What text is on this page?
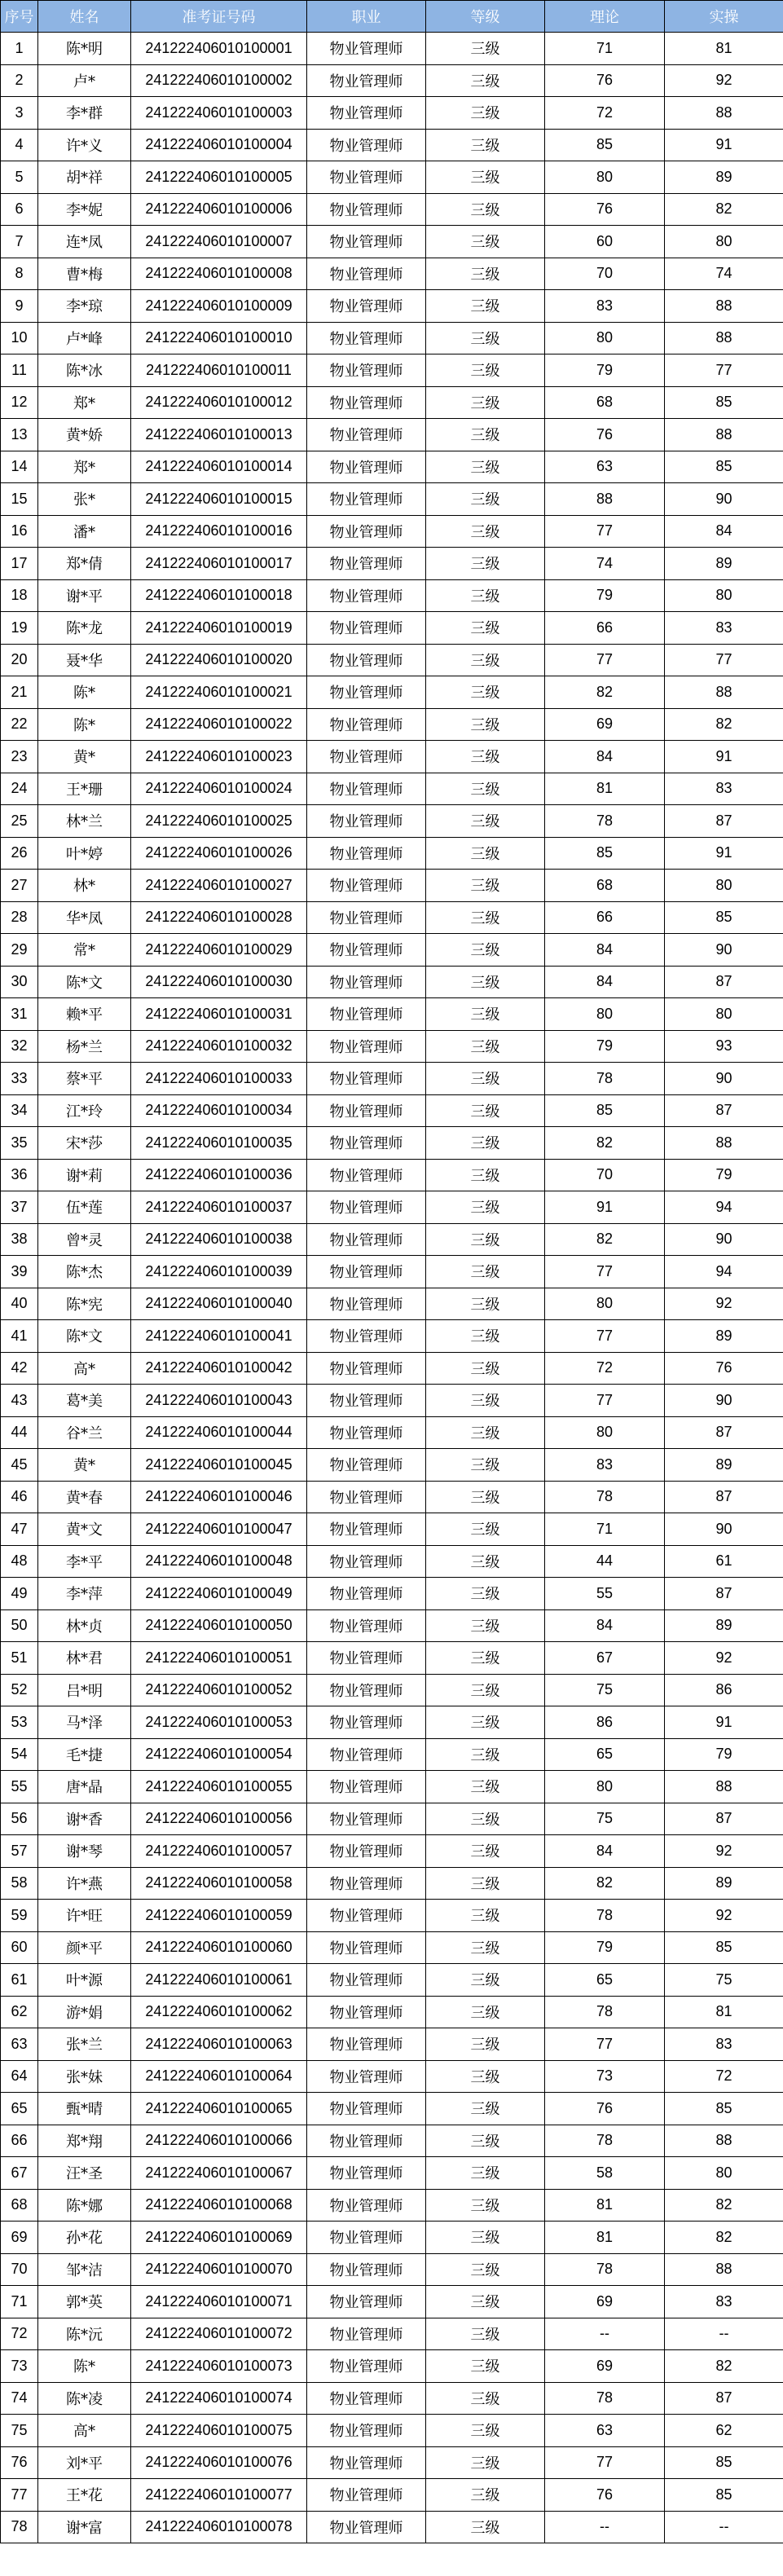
序号	姓名	准考证号码	职业	等级	理论	实操
1	陈*明	241222406010100001	物业管理师	三级	71	81
2	卢*	241222406010100002	物业管理师	三级	76	92
3	李*群	241222406010100003	物业管理师	三级	72	88
4	许*义	241222406010100004	物业管理师	三级	85	91
5	胡*祥	241222406010100005	物业管理师	三级	80	89
6	李*妮	241222406010100006	物业管理师	三级	76	82
7	连*凤	241222406010100007	物业管理师	三级	60	80
8	曹*梅	241222406010100008	物业管理师	三级	70	74
9	李*琼	241222406010100009	物业管理师	三级	83	88
10	卢*峰	241222406010100010	物业管理师	三级	80	88
11	陈*冰	241222406010100011	物业管理师	三级	79	77
12	郑*	241222406010100012	物业管理师	三级	68	85
13	黄*娇	241222406010100013	物业管理师	三级	76	88
14	郑*	241222406010100014	物业管理师	三级	63	85
15	张*	241222406010100015	物业管理师	三级	88	90
16	潘*	241222406010100016	物业管理师	三级	77	84
17	郑*倩	241222406010100017	物业管理师	三级	74	89
18	谢*平	241222406010100018	物业管理师	三级	79	80
19	陈*龙	241222406010100019	物业管理师	三级	66	83
20	聂*华	241222406010100020	物业管理师	三级	77	77
21	陈*	241222406010100021	物业管理师	三级	82	88
22	陈*	241222406010100022	物业管理师	三级	69	82
23	黄*	241222406010100023	物业管理师	三级	84	91
24	王*珊	241222406010100024	物业管理师	三级	81	83
25	林*兰	241222406010100025	物业管理师	三级	78	87
26	叶*婷	241222406010100026	物业管理师	三级	85	91
27	林*	241222406010100027	物业管理师	三级	68	80
28	华*凤	241222406010100028	物业管理师	三级	66	85
29	常*	241222406010100029	物业管理师	三级	84	90
30	陈*文	241222406010100030	物业管理师	三级	84	87
31	赖*平	241222406010100031	物业管理师	三级	80	80
32	杨*兰	241222406010100032	物业管理师	三级	79	93
33	蔡*平	241222406010100033	物业管理师	三级	78	90
34	江*玲	241222406010100034	物业管理师	三级	85	87
35	宋*莎	241222406010100035	物业管理师	三级	82	88
36	谢*莉	241222406010100036	物业管理师	三级	70	79
37	伍*莲	241222406010100037	物业管理师	三级	91	94
38	曾*灵	241222406010100038	物业管理师	三级	82	90
39	陈*杰	241222406010100039	物业管理师	三级	77	94
40	陈*宪	241222406010100040	物业管理师	三级	80	92
41	陈*文	241222406010100041	物业管理师	三级	77	89
42	高*	241222406010100042	物业管理师	三级	72	76
43	葛*美	241222406010100043	物业管理师	三级	77	90
44	谷*兰	241222406010100044	物业管理师	三级	80	87
45	黄*	241222406010100045	物业管理师	三级	83	89
46	黄*春	241222406010100046	物业管理师	三级	78	87
47	黄*文	241222406010100047	物业管理师	三级	71	90
48	李*平	241222406010100048	物业管理师	三级	44	61
49	李*萍	241222406010100049	物业管理师	三级	55	87
50	林*贞	241222406010100050	物业管理师	三级	84	89
51	林*君	241222406010100051	物业管理师	三级	67	92
52	吕*明	241222406010100052	物业管理师	三级	75	86
53	马*泽	241222406010100053	物业管理师	三级	86	91
54	毛*捷	241222406010100054	物业管理师	三级	65	79
55	唐*晶	241222406010100055	物业管理师	三级	80	88
56	谢*香	241222406010100056	物业管理师	三级	75	87
57	谢*琴	241222406010100057	物业管理师	三级	84	92
58	许*燕	241222406010100058	物业管理师	三级	82	89
59	许*旺	241222406010100059	物业管理师	三级	78	92
60	颜*平	241222406010100060	物业管理师	三级	79	85
61	叶*源	241222406010100061	物业管理师	三级	65	75
62	游*娟	241222406010100062	物业管理师	三级	78	81
63	张*兰	241222406010100063	物业管理师	三级	77	83
64	张*妹	241222406010100064	物业管理师	三级	73	72
65	甄*晴	241222406010100065	物业管理师	三级	76	85
66	郑*翔	241222406010100066	物业管理师	三级	78	88
67	汪*圣	241222406010100067	物业管理师	三级	58	80
68	陈*娜	241222406010100068	物业管理师	三级	81	82
69	孙*花	241222406010100069	物业管理师	三级	81	82
70	邹*洁	241222406010100070	物业管理师	三级	78	88
71	郭*英	241222406010100071	物业管理师	三级	69	83
72	陈*沅	241222406010100072	物业管理师	三级	--	--
73	陈*	241222406010100073	物业管理师	三级	69	82
74	陈*凌	241222406010100074	物业管理师	三级	78	87
75	高*	241222406010100075	物业管理师	三级	63	62
76	刘*平	241222406010100076	物业管理师	三级	77	85
77	王*花	241222406010100077	物业管理师	三级	76	85
78	谢*富	241222406010100078	物业管理师	三级	--	--
